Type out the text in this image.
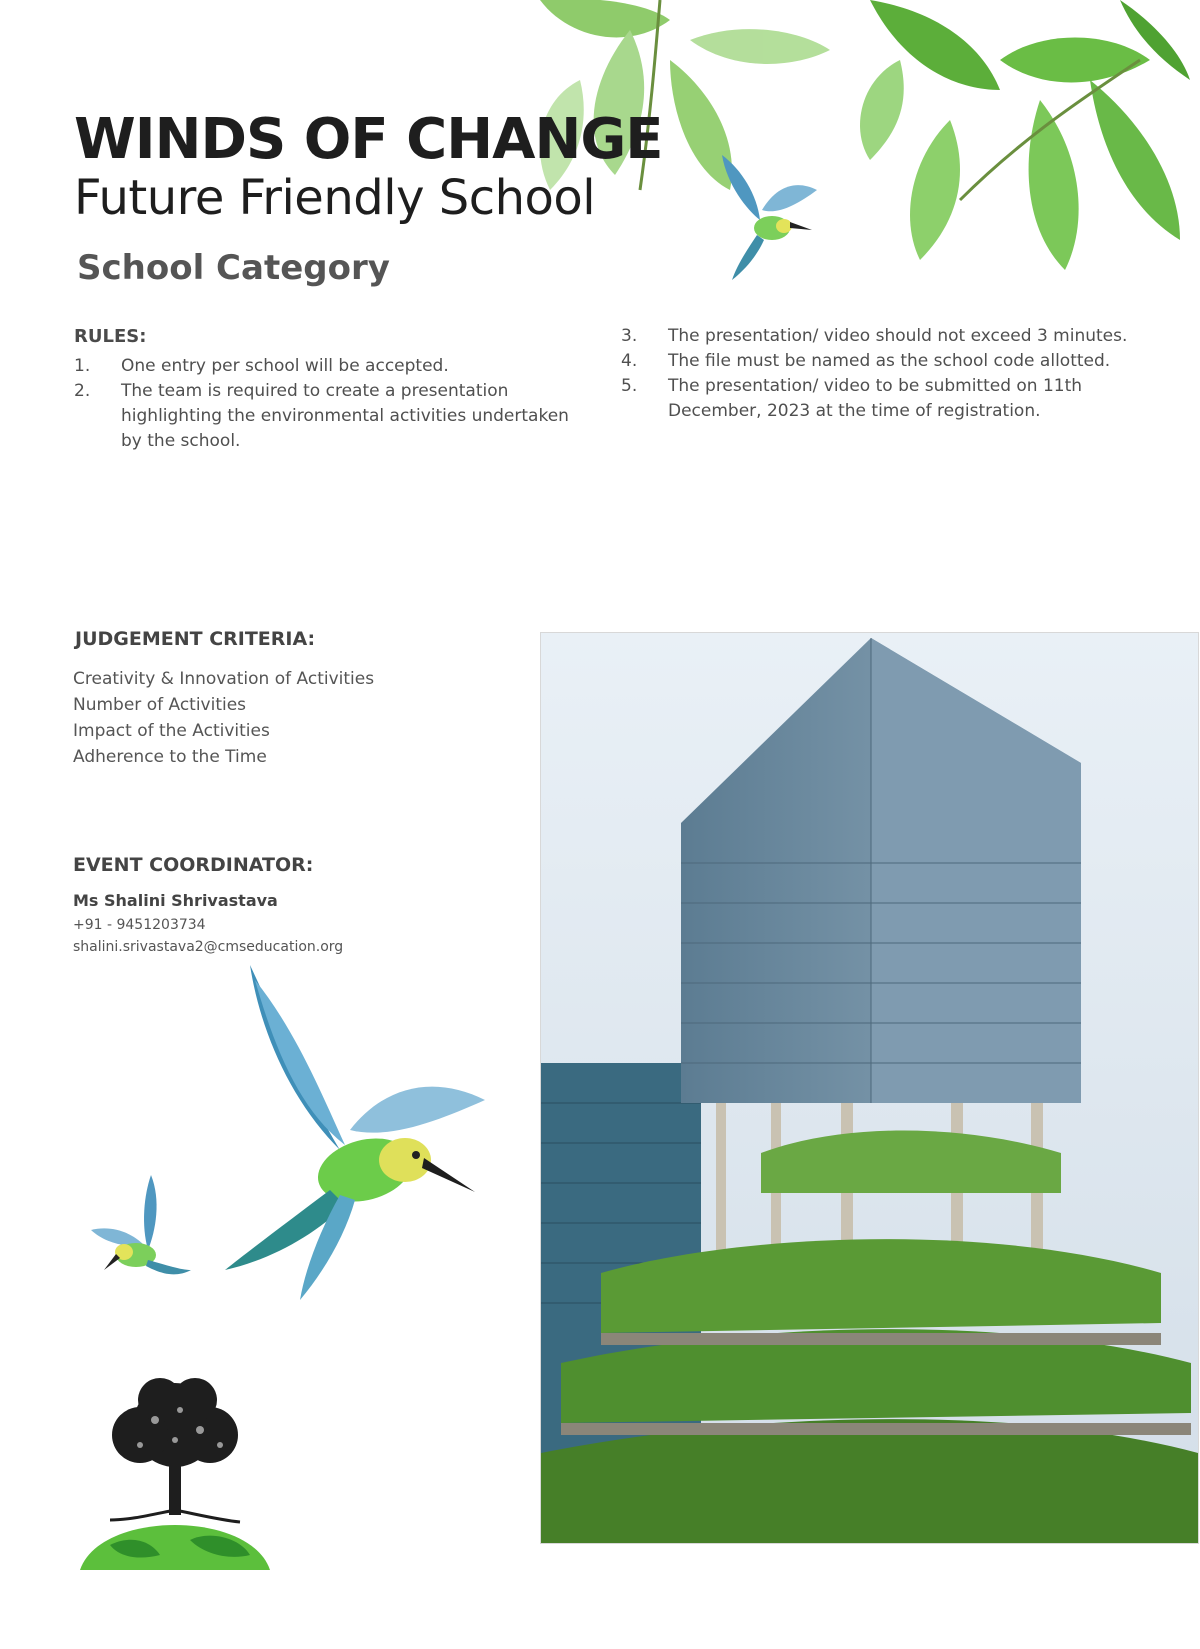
WINDS OF CHANGE
Future Friendly School
School Category
RULES:
1.	One entry per school will be accepted.
2.	The team is required to create a presentation highlighting the environmental activities undertaken by the school.
3.	The presentation/ video should not exceed 3 minutes.
4.	The file must be named as the school code allotted.
5.	The presentation/ video to be submitted on 11th December, 2023 at the time of registration.
JUDGEMENT CRITERIA:
Creativity & Innovation of Activities
Number of Activities
Impact of the Activities
Adherence to the Time
EVENT COORDINATOR:
Ms Shalini Shrivastava
+91 - 9451203734
shalini.srivastava2@cmseducation.org
